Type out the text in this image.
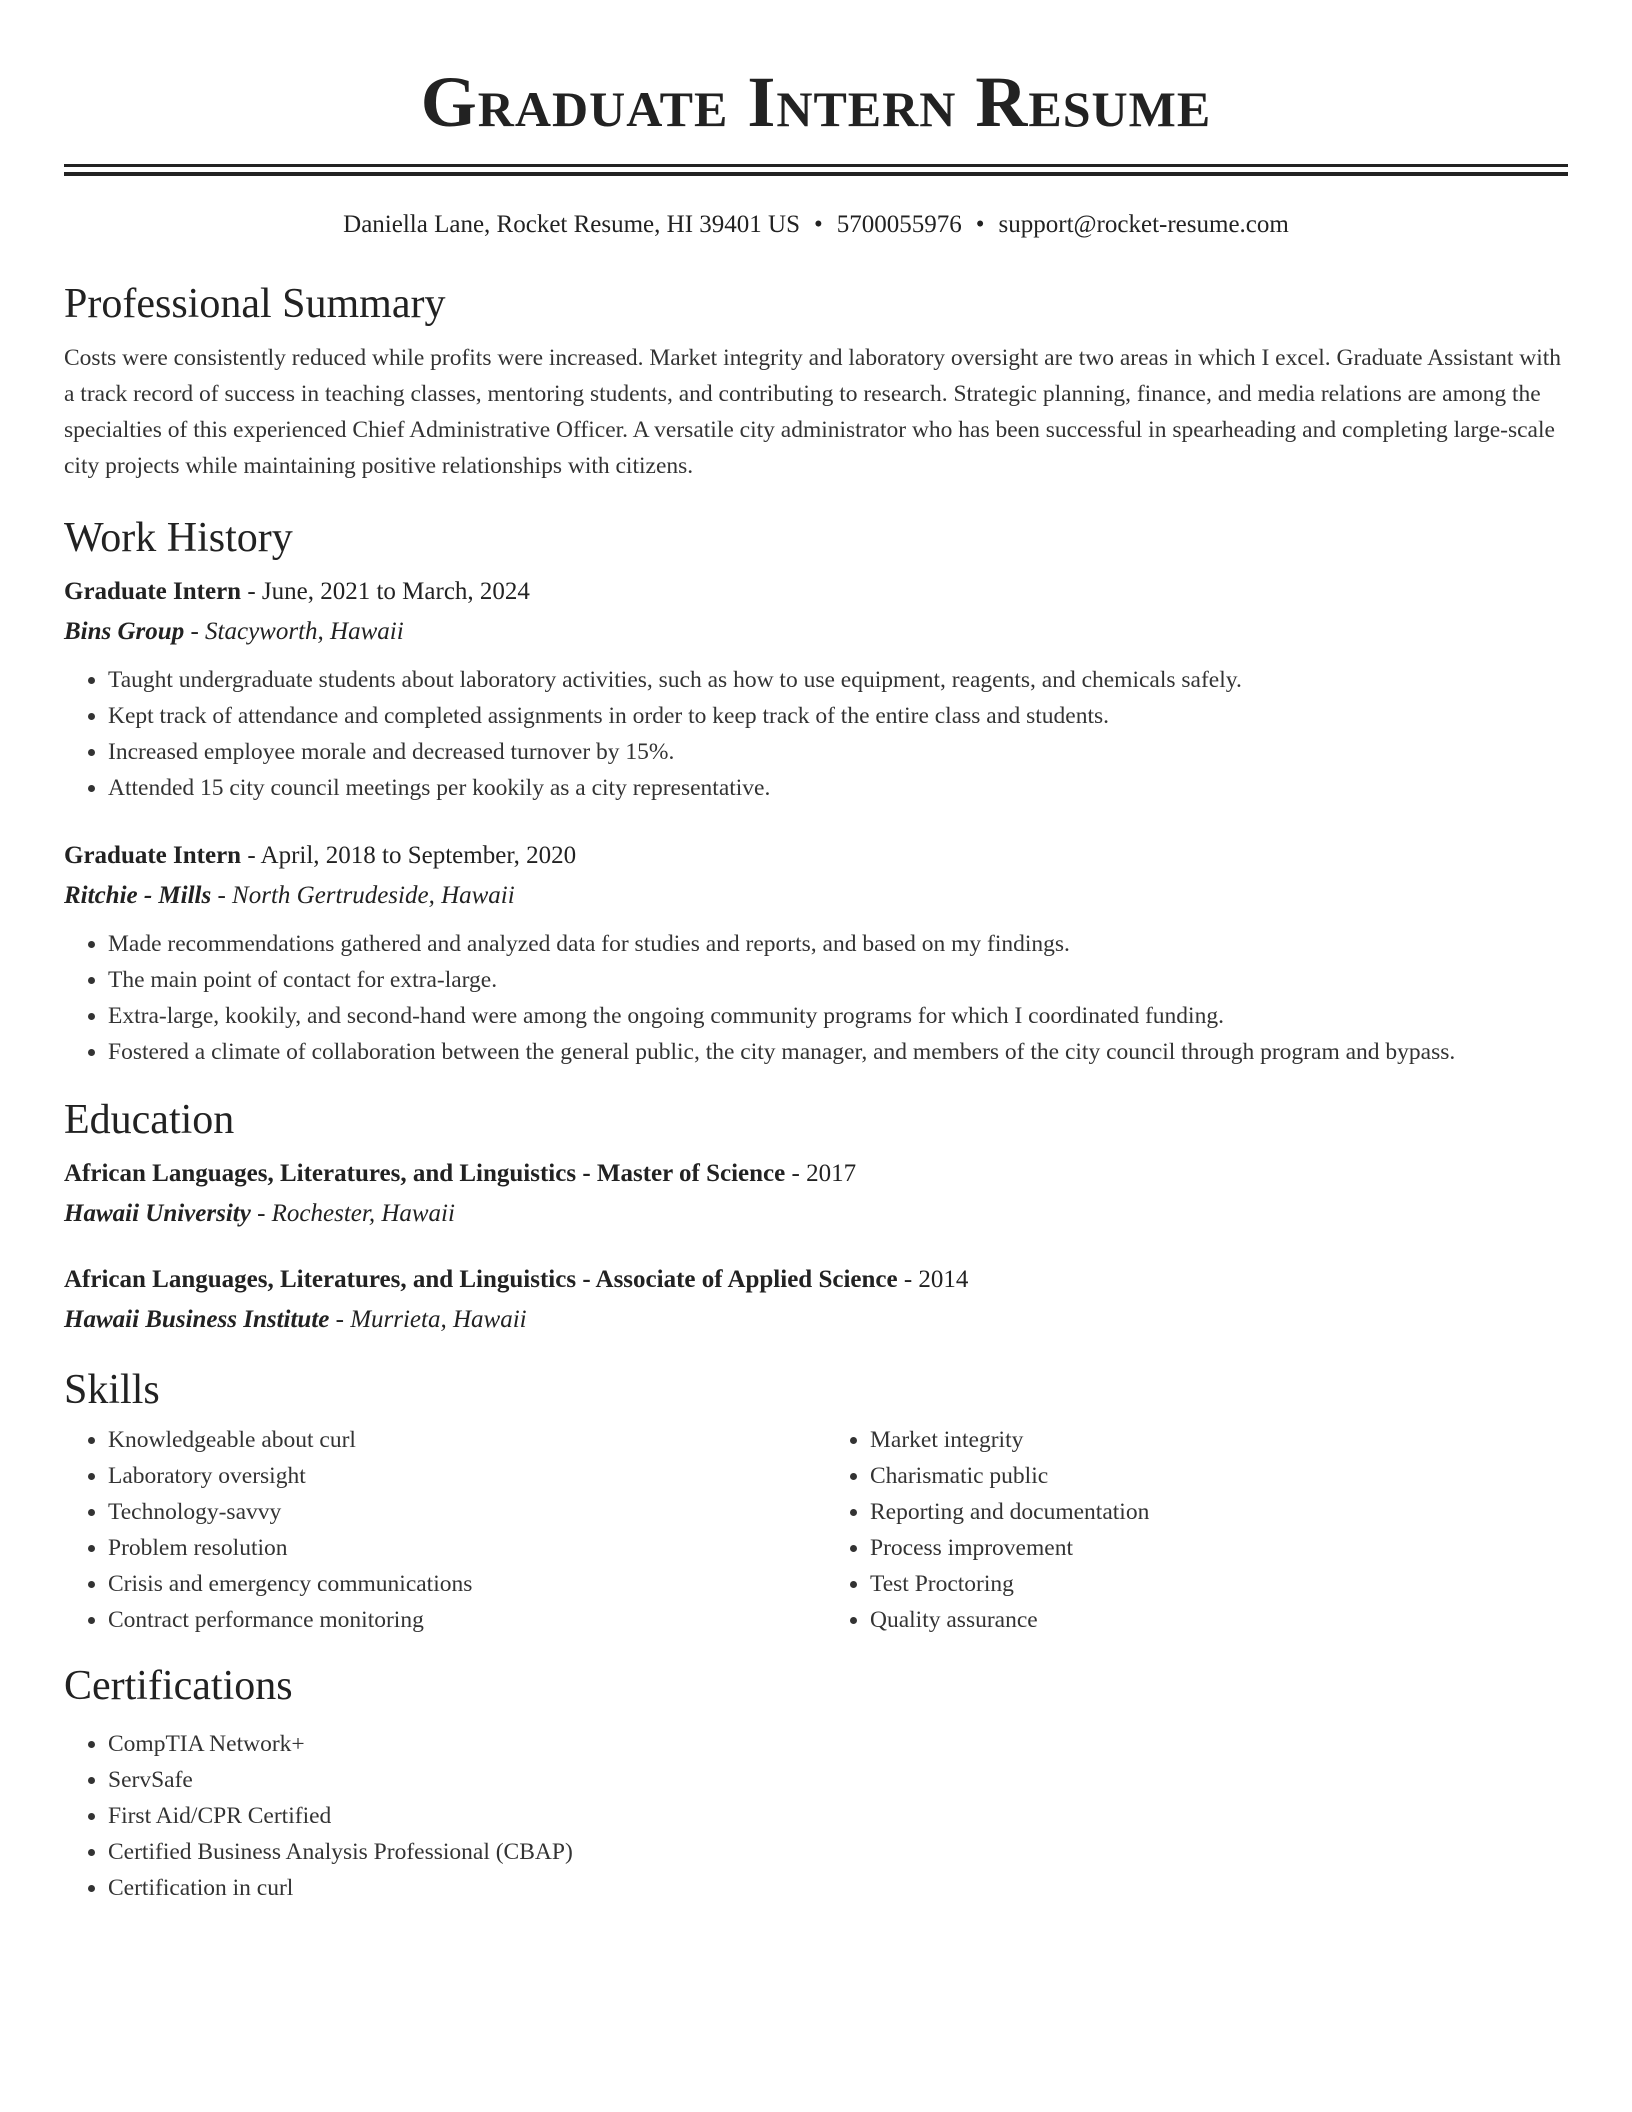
Graduate Intern Resume
Daniella Lane, Rocket Resume, HI 39401 US • 5700055976 • support@rocket-resume.com
Professional Summary

Costs were consistently reduced while profits were increased. Market integrity and laboratory oversight are two areas in which I excel. Graduate Assistant with a track record of success in teaching classes, mentoring students, and contributing to research. Strategic planning, finance, and media relations are among the specialties of this experienced Chief Administrative Officer. A versatile city administrator who has been successful in spearheading and completing large-scale city projects while maintaining positive relationships with citizens.

Work History

Graduate Intern - June, 2021 to March, 2024

Bins Group - Stacyworth, Hawaii

• Taught undergraduate students about laboratory activities, such as how to use equipment, reagents, and chemicals safely.
• Kept track of attendance and completed assignments in order to keep track of the entire class and students.
• Increased employee morale and decreased turnover by 15%.
• Attended 15 city council meetings per kookily as a city representative.

Graduate Intern - April, 2018 to September, 2020

Ritchie - Mills - North Gertrudeside, Hawaii

• Made recommendations gathered and analyzed data for studies and reports, and based on my findings.
• The main point of contact for extra-large.
• Extra-large, kookily, and second-hand were among the ongoing community programs for which I coordinated funding.
• Fostered a climate of collaboration between the general public, the city manager, and members of the city council through program and bypass.
Education

African Languages, Literatures, and Linguistics - Master of Science - 2017

Hawaii University - Rochester, Hawaii

African Languages, Literatures, and Linguistics - Associate of Applied Science - 2014

Hawaii Business Institute - Murrieta, Hawaii

Skills
• Knowledgeable about curl
• Laboratory oversight
• Technology-savvy
• Problem resolution
• Crisis and emergency communications
• Contract performance monitoring
• Market integrity
• Charismatic public
• Reporting and documentation
• Process improvement
• Test Proctoring
• Quality assurance
Certifications
• CompTIA Network+
• ServSafe
• First Aid/CPR Certified
• Certified Business Analysis Professional (CBAP)
• Certification in curl
